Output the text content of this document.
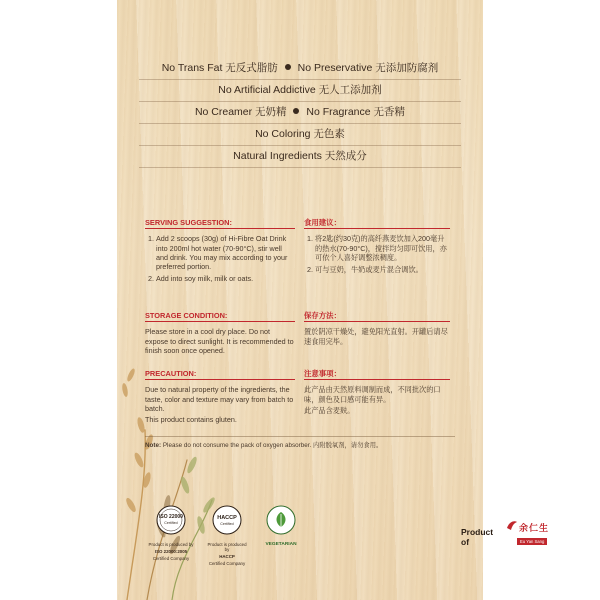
No Trans Fat 无反式脂肪 No Preservative 无添加防腐剂
No Artificial Addictive 无人工添加剂
No Creamer 无奶精 No Fragrance 无香精
No Coloring 无色素
Natural Ingredients 天然成分
SERVING SUGGESTION:
1. Add 2 scoops (30g) of Hi-Fibre Oat Drink into 200ml hot water (70-90°C), stir well and drink. You may mix according to your preferred portion.
2. Add into soy milk, milk or oats.
食用建议：
1. 将2匙(约30克)的高纤燕麦饮加入200毫升的热水(70-90°C)，搅拌均匀即可饮用，亦可依个人喜好调整浓稠度。
2. 可与豆奶，牛奶或麦片混合调饮。
STORAGE CONDITION:

Please store in a cool dry place. Do not expose to direct sunlight. It is recommended to finish soon once opened.

保存方法：

置於阴凉干燥处，避免阳光直射。开罐后请尽速食用完毕。

PRECAUTION:

Due to natural property of the ingredients, the taste, color and texture may vary from batch to batch.

This product contains gluten.

注意事项：

此产品由天然原料调制而成，不同批次的口味，颜色及口感可能有异。

此产品含麦麸。

Note: Please do not consume the pack of oxygen absorber. 内附脱氧剂，请勿食用。
ISO 22000
Certified
Product is produced by
ISO 22000:2005
Certified Company
HACCP
Certified
Product is produced by
HACCP
Certified Company
VEGETARIAN
Product of
余仁生
Eu Yan Sang
